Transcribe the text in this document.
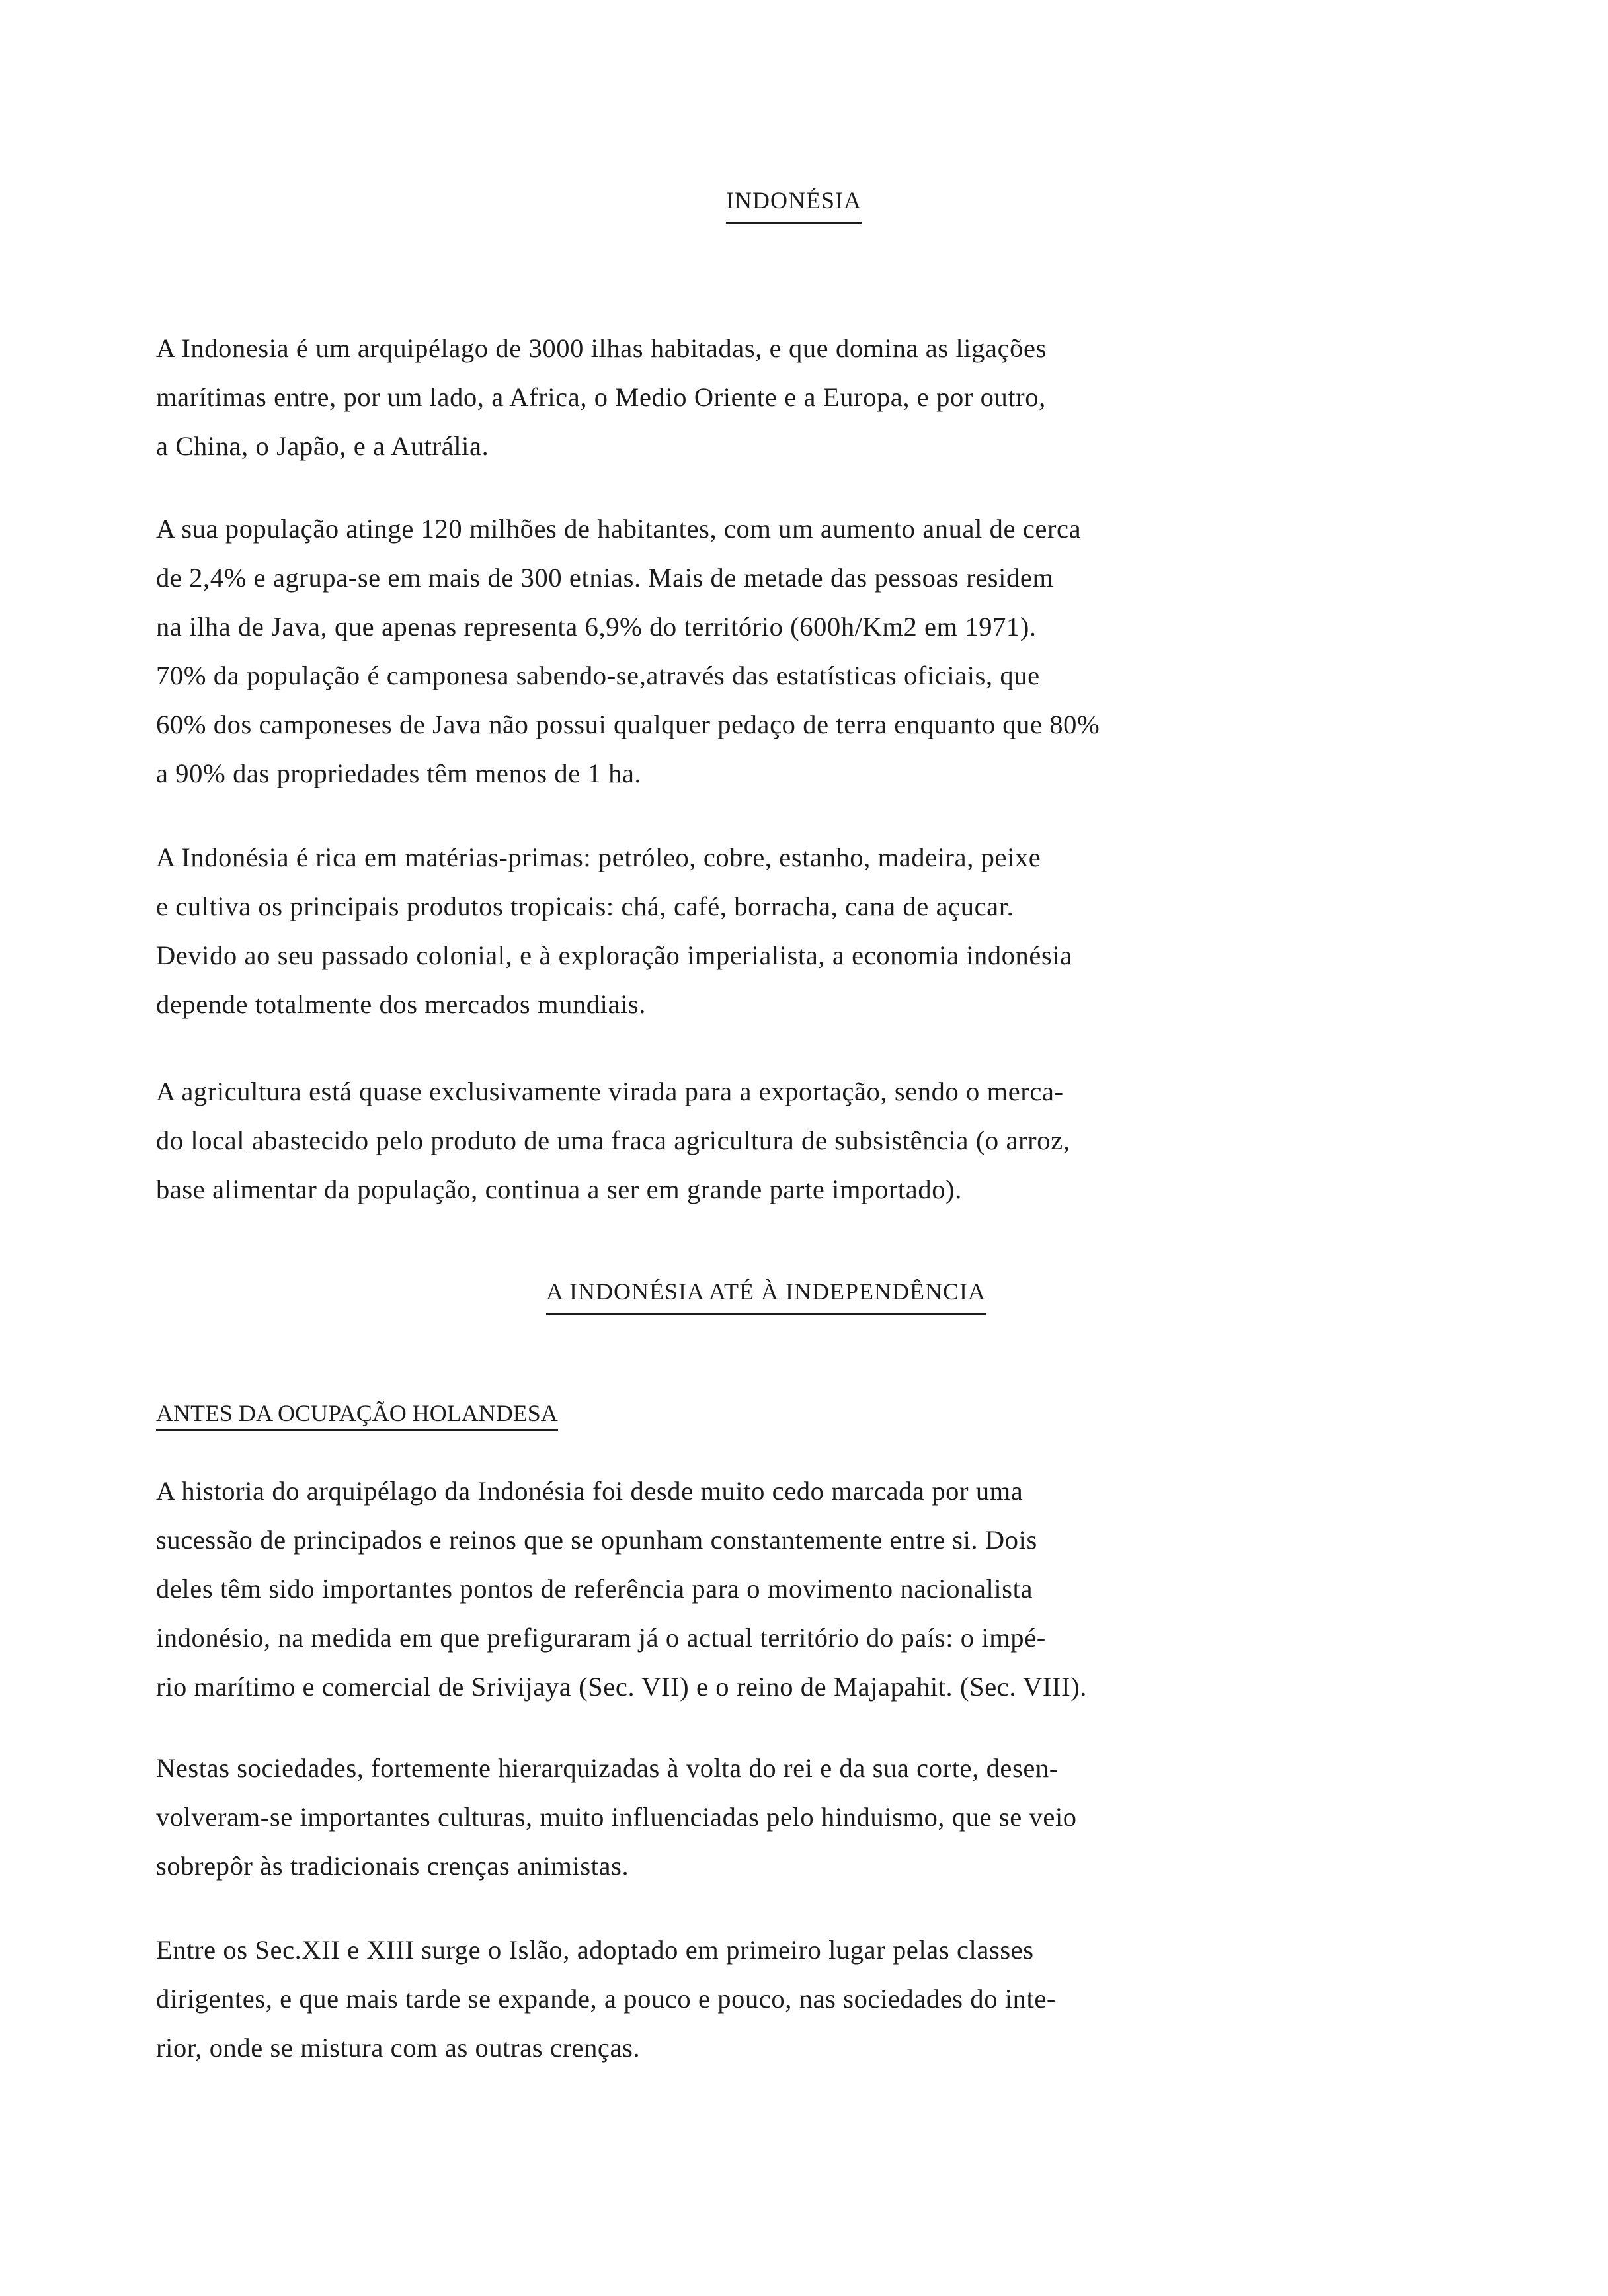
INDONÉSIA

A Indonesia é um arquipélago de 3000 ilhas habitadas, e que domina as ligações
marítimas entre, por um lado, a Africa, o Medio Oriente e a Europa, e por outro,
a China, o Japão, e a Autrália.

A sua população atinge 120 milhões de habitantes, com um aumento anual de cerca
de 2,4% e agrupa-se em mais de 300 etnias. Mais de metade das pessoas residem
na ilha de Java, que apenas representa 6,9% do território (600h/Km2 em 1971).
70% da população é camponesa sabendo-se,através das estatísticas oficiais, que
60% dos camponeses de Java não possui qualquer pedaço de terra enquanto que 80%
a 90% das propriedades têm menos de 1 ha.

A Indonésia é rica em matérias-primas: petróleo, cobre, estanho, madeira, peixe
e cultiva os principais produtos tropicais: chá, café, borracha, cana de açucar.
Devido ao seu passado colonial, e à exploração imperialista, a economia indonésia
depende totalmente dos mercados mundiais.

A agricultura está quase exclusivamente virada para a exportação, sendo o merca-
do local abastecido pelo produto de uma fraca agricultura de subsistência (o arroz,
base alimentar da população, continua a ser em grande parte importado).

A INDONÉSIA ATÉ À INDEPENDÊNCIA
ANTES DA OCUPAÇÃO HOLANDESA

A historia do arquipélago da Indonésia foi desde muito cedo marcada por uma
sucessão de principados e reinos que se opunham constantemente entre si. Dois
deles têm sido importantes pontos de referência para o movimento nacionalista
indonésio, na medida em que prefiguraram já o actual território do país: o impé-
rio marítimo e comercial de Srivijaya (Sec. VII) e o reino de Majapahit. (Sec. VIII).

Nestas sociedades, fortemente hierarquizadas à volta do rei e da sua corte, desen-
volveram-se importantes culturas, muito influenciadas pelo hinduismo, que se veio
sobrepôr às tradicionais crenças animistas.

Entre os Sec.XII e XIII surge o Islão, adoptado em primeiro lugar pelas classes
dirigentes, e que mais tarde se expande, a pouco e pouco, nas sociedades do inte-
rior, onde se mistura com as outras crenças.
